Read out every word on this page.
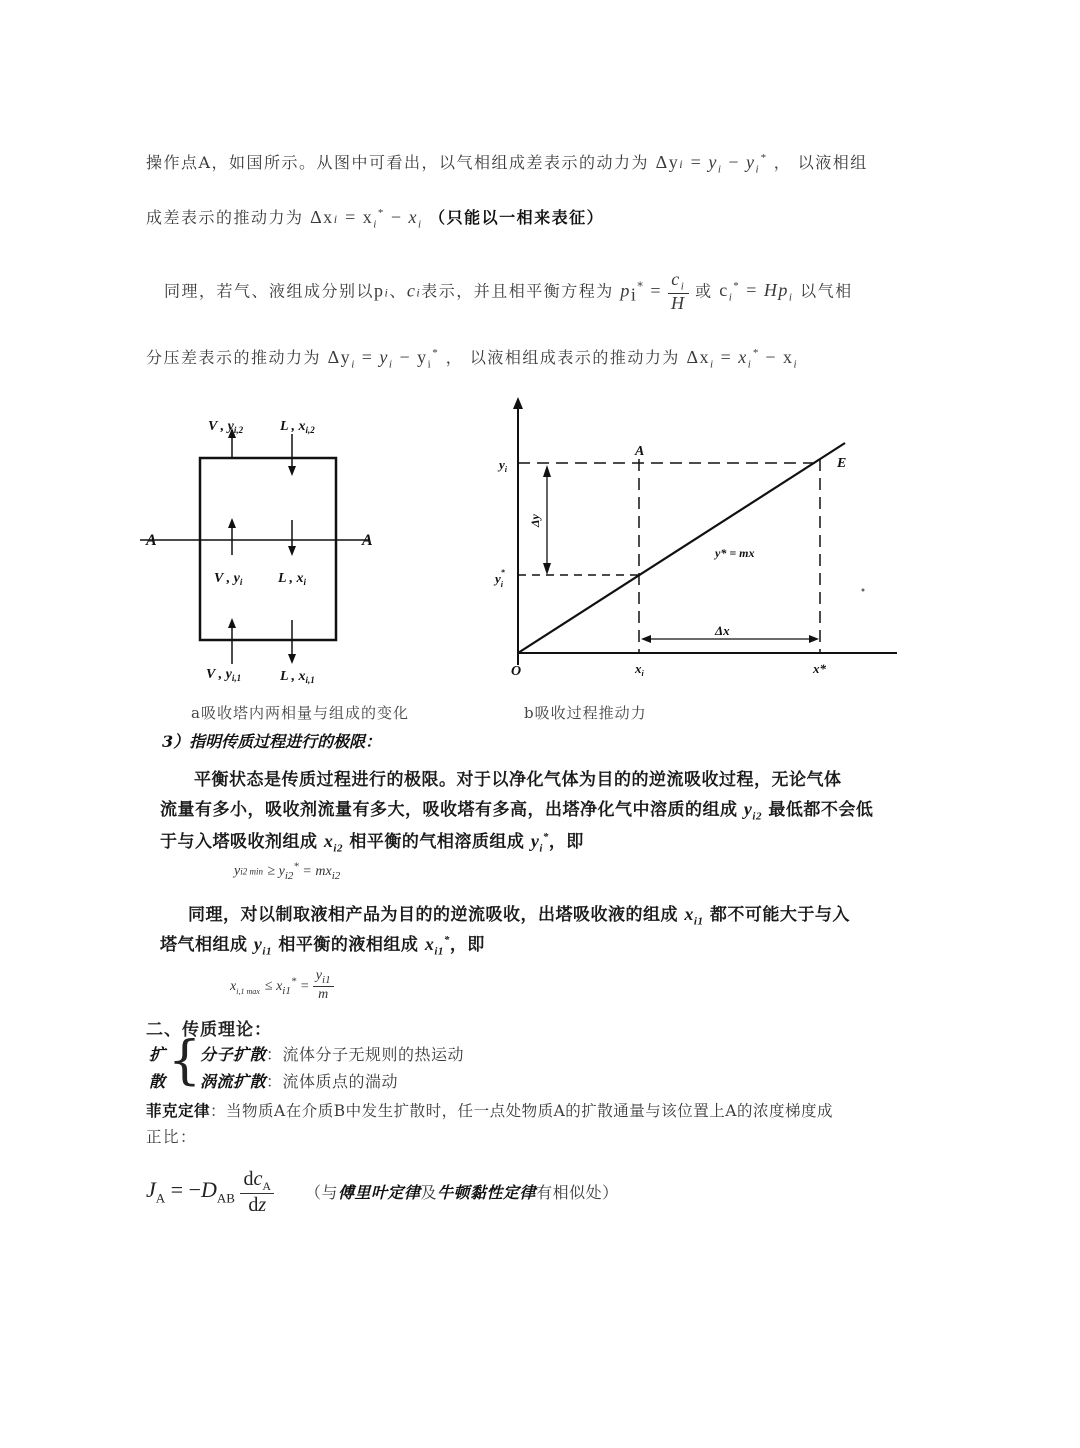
操作点A，如国所示。从图中可看出，以气相组成差表示的动力为 $\Delta yi = y_i - y_i^*$ ， 以液相组
成差表示的推动力为 $\Delta xi = x_i^* - x_i$ （只能以一相来表征）
同理，若气、液组成分别以pi、ci表示，并且相平衡方程为 $p_i^* = \frac{c_i}{H}$ 或 $c_i^* = Hp_i$ 以气相
分压差表示的推动力为 $\Delta y_i = y_i - y_i^*$ ， 以液相组成表示的推动力为 $\Delta x_i = x_i^* - x_i$
A	A
V , $y_{i,2}$	L , $x_{i,2}$
V , $y_i$	L , $x_i$
V , $y_{i,1}$	L , $x_{i,1}$
A
E
O
$y_i$
y* i
$x_i$	x*
Δy
Δx
y* = mx
a吸收塔内两相量与组成的变化	b吸收过程推动力
3）指明传质过程进行的极限：
平衡状态是传质过程进行的极限。对于以净化气体为目的的逆流吸收过程，无论气体
流量有多小，吸收剂流量有多大，吸收塔有多高，出塔净化气中溶质的组成 $y_{i2}$ 最低都不会低
于与入塔吸收剂组成 $x_{i2}$ 相平衡的气相溶质组成 $y_i^*$，即
yi2 $\min \ge y_{i2}^* = mx_{i2}$
同理，对以制取液相产品为目的的逆流吸收，出塔吸收液的组成 $x_{i1}$ 都不可能大于与入
塔气相组成 $y_{i1}$ 相平衡的液相组成 $x_{i1}^*$，即
$x_{i,1 max} \le x_{i1}^* = \frac{y_{i1}}{m}$
二、传质理论：
扩
散 {
分子扩散：流体分子无规则的热运动
涡流扩散：流体质点的湍动
菲克定律：当物质A在介质B中发生扩散时，任一点处物质A的扩散通量与该位置上A的浓度梯度成
正比：
$J_A = -D_{AB} \frac{dc_A}{dz}$ （与傅里叶定律及牛顿黏性定律有相似处）
